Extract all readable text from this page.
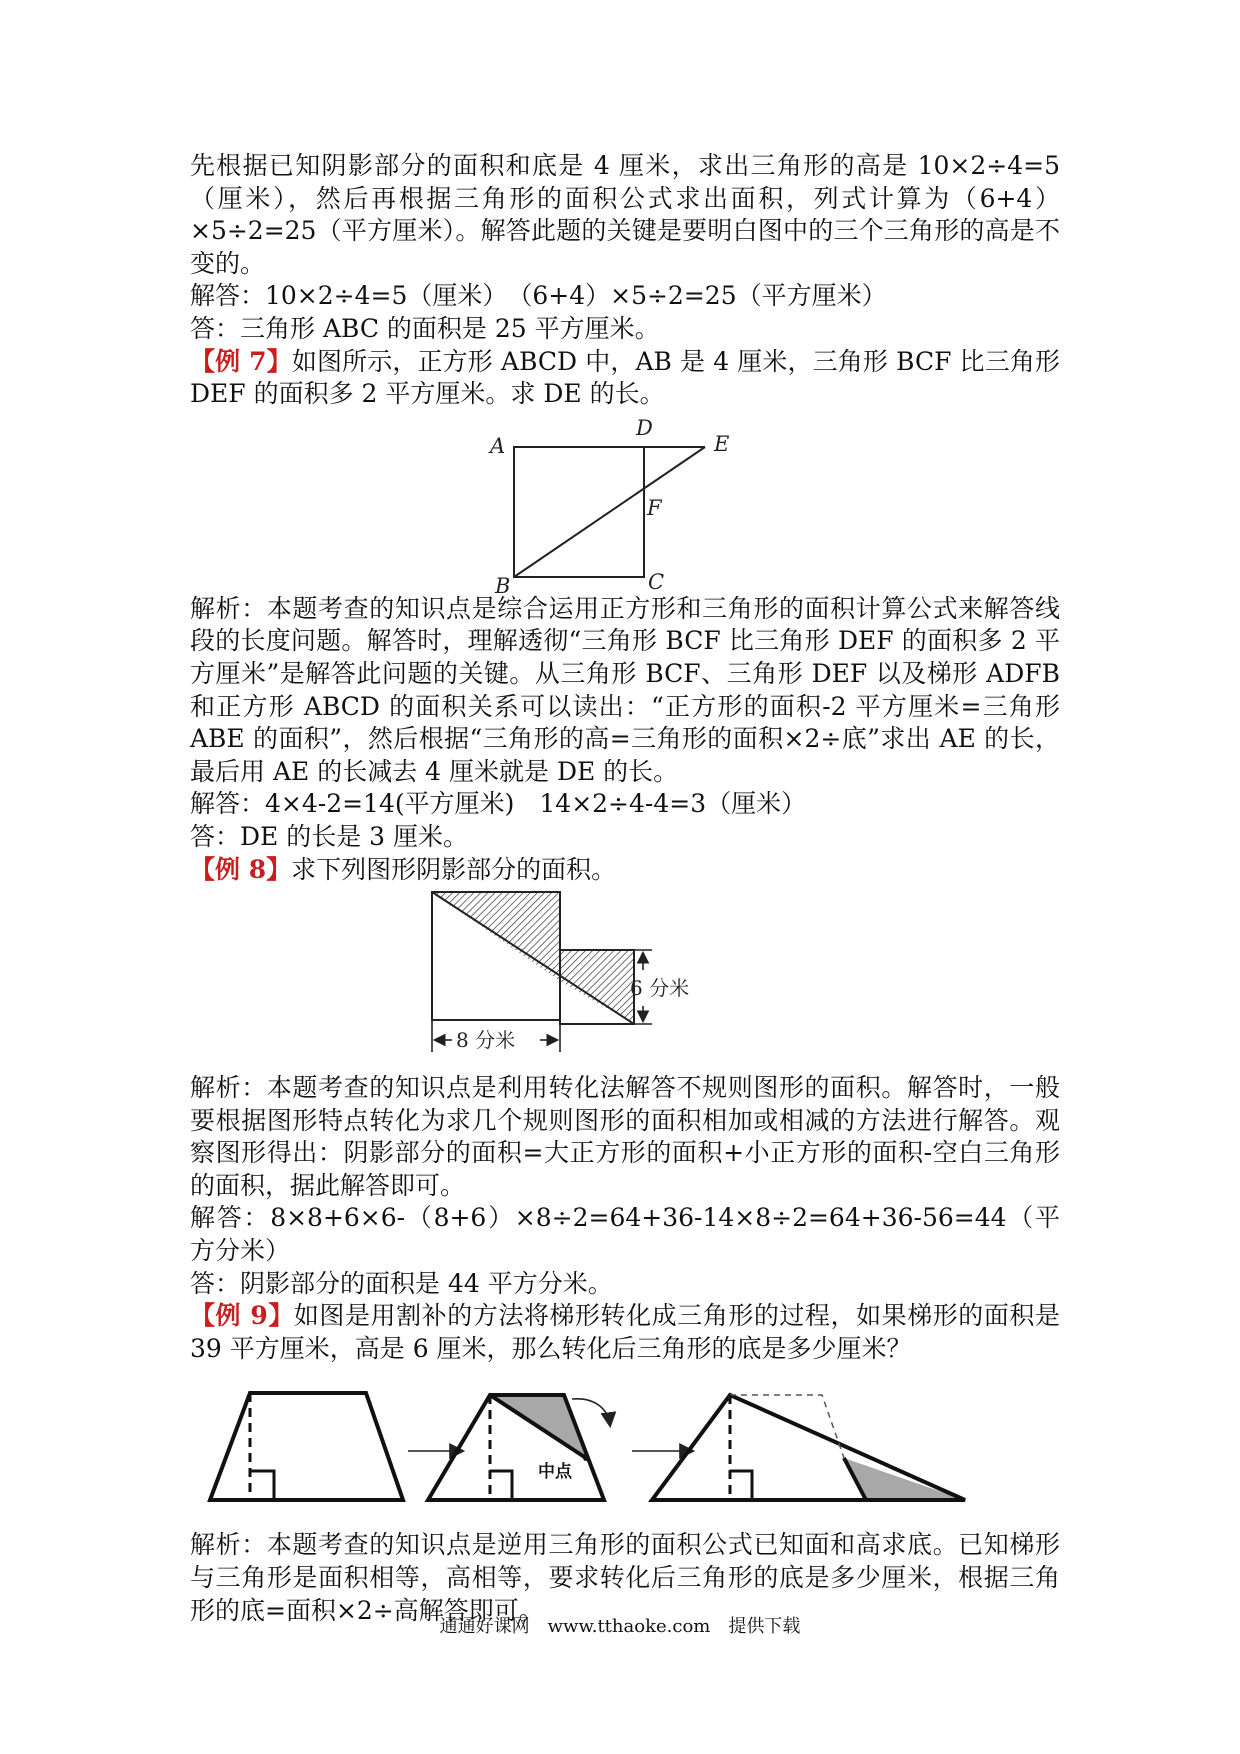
先根据已知阴影部分的面积和底是 4 厘米，求出三角形的高是 10×2÷4=5（厘米），然后再根据三角形的面积公式求出面积，列式计算为（6+4）×5÷2=25（平方厘米）。解答此题的关键是要明白图中的三个三角形的高是不变的。

解答：10×2÷4=5（厘米）　（6+4）×5÷2=25（平方厘米）

答：三角形 ABC 的面积是 25 平方厘米。

【例 7】如图所示，正方形 ABCD 中，AB 是 4 厘米，三角形 BCF 比三角形 DEF 的面积多 2 平方厘米。求 DE 的长。

A
D
E
F
B	C

解析：本题考查的知识点是综合运用正方形和三角形的面积计算公式来解答线段的长度问题。解答时，理解透彻“三角形 BCF 比三角形 DEF 的面积多 2 平方厘米”是解答此问题的关键。从三角形 BCF、三角形 DEF 以及梯形 ADFB 和正方形 ABCD 的面积关系可以读出：“正方形的面积-2 平方厘米=三角形 ABE 的面积”，然后根据“三角形的高=三角形的面积×2÷底”求出 AE 的长，最后用 AE 的长减去 4 厘米就是 DE 的长。

解答：4×4-2=14(平方厘米)　14×2÷4-4=3（厘米）

答：DE 的长是 3 厘米。

【例 8】求下列图形阴影部分的面积。

6 分米
8 分米

解析：本题考查的知识点是利用转化法解答不规则图形的面积。解答时，一般要根据图形特点转化为求几个规则图形的面积相加或相减的方法进行解答。观察图形得出：阴影部分的面积=大正方形的面积+小正方形的面积-空白三角形的面积，据此解答即可。

解答：8×8+6×6-（8+6）×8÷2=64+36-14×8÷2=64+36-56=44（平方分米）

答：阴影部分的面积是 44 平方分米。

【例 9】如图是用割补的方法将梯形转化成三角形的过程，如果梯形的面积是 39 平方厘米，高是 6 厘米，那么转化后三角形的底是多少厘米？

中点

解析：本题考查的知识点是逆用三角形的面积公式已知面和高求底。已知梯形与三角形是面积相等，高相等，要求转化后三角形的底是多少厘米，根据三角形的底=面积×2÷高解答即可。

通通好课网　www.tthaoke.com　提供下载
